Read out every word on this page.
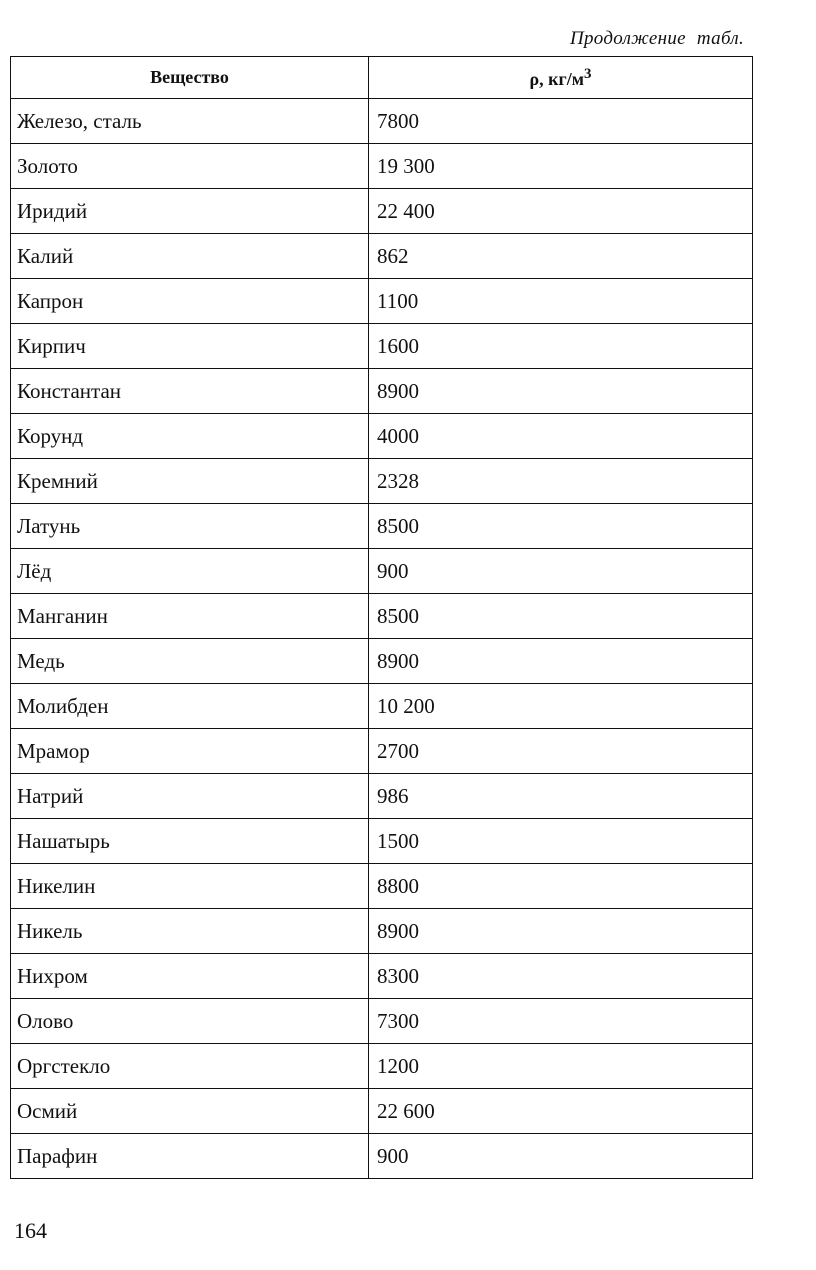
Продолжение табл.
Вещество	ρ, $кг/м^3$
Железо, сталь	7800
Золото	19 300
Иридий	22 400
Калий	862
Капрон	1100
Кирпич	1600
Константан	8900
Корунд	4000
Кремний	2328
Латунь	8500
Лёд	900
Манганин	8500
Медь	8900
Молибден	10 200
Мрамор	2700
Натрий	986
Нашатырь	1500
Никелин	8800
Никель	8900
Нихром	8300
Олово	7300
Оргстекло	1200
Осмий	22 600
Парафин	900
164
